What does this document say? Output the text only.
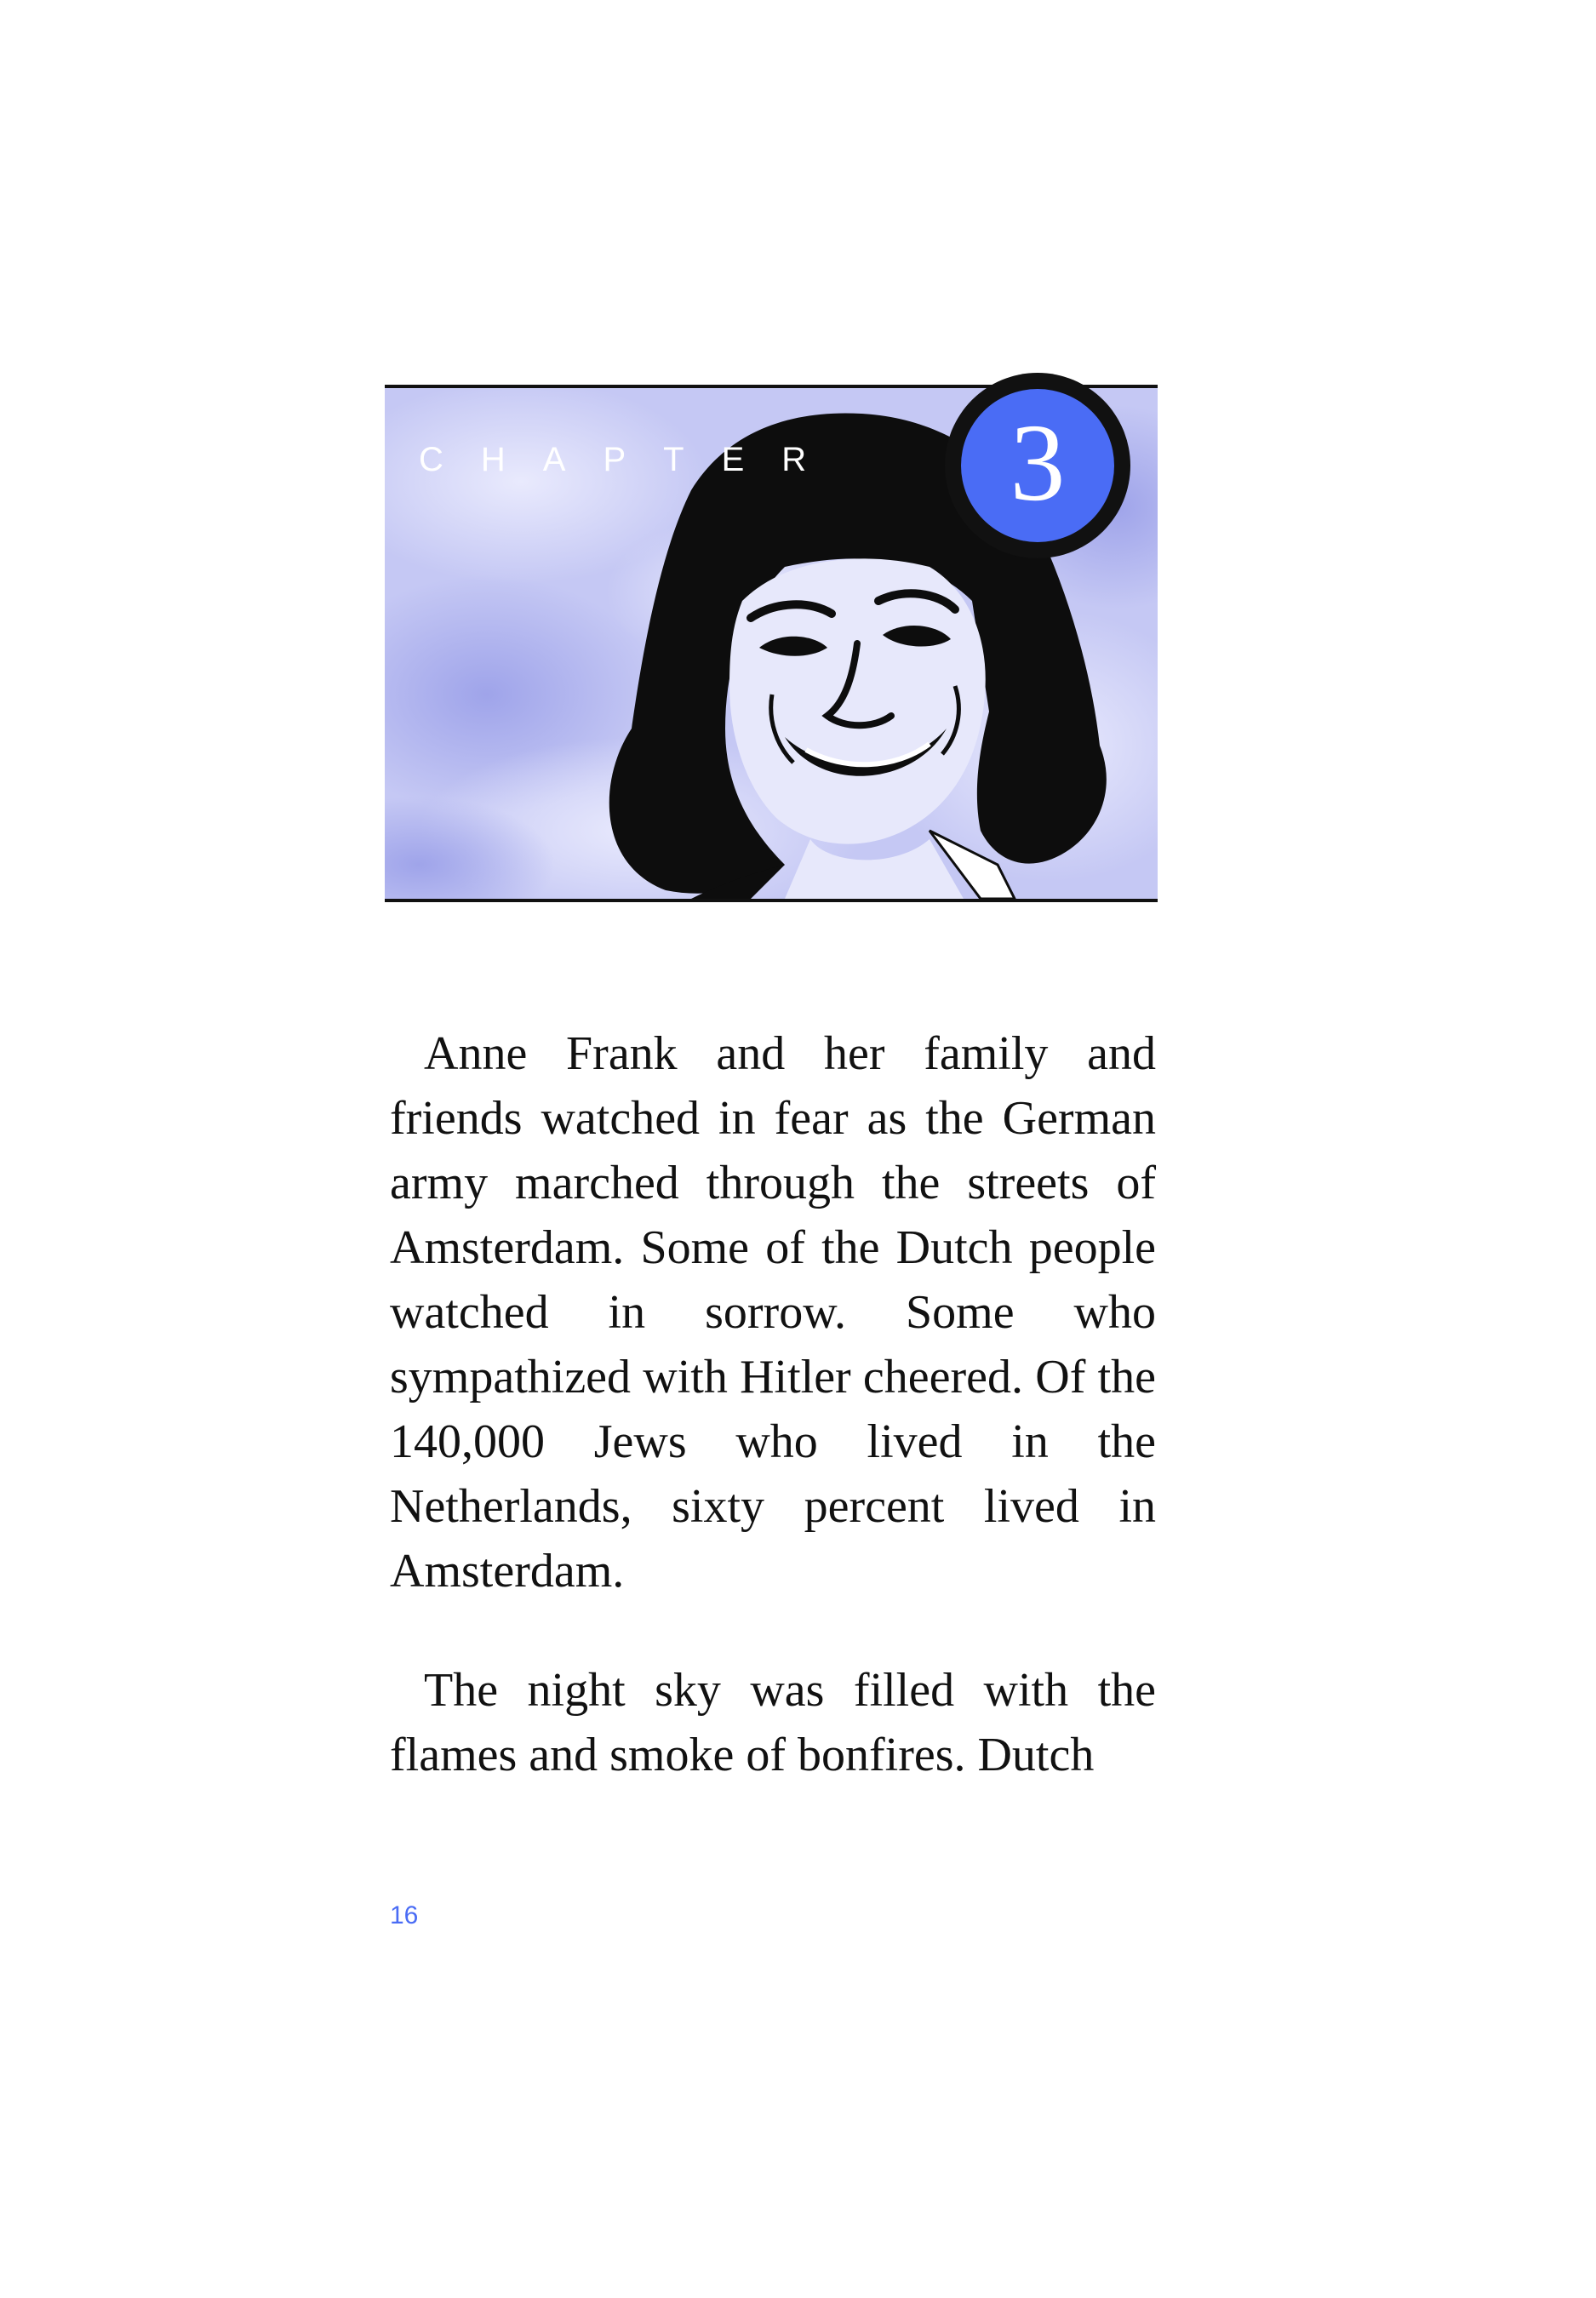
CHAPTER 3

Anne Frank and her family and friends watched in fear as the German army marched through the streets of Amsterdam. Some of the Dutch people watched in sorrow. Some who sympathized with Hitler cheered. Of the 140,000 Jews who lived in the Netherlands, sixty percent lived in Amsterdam.

The night sky was filled with the flames and smoke of bonfires. Dutch

16
